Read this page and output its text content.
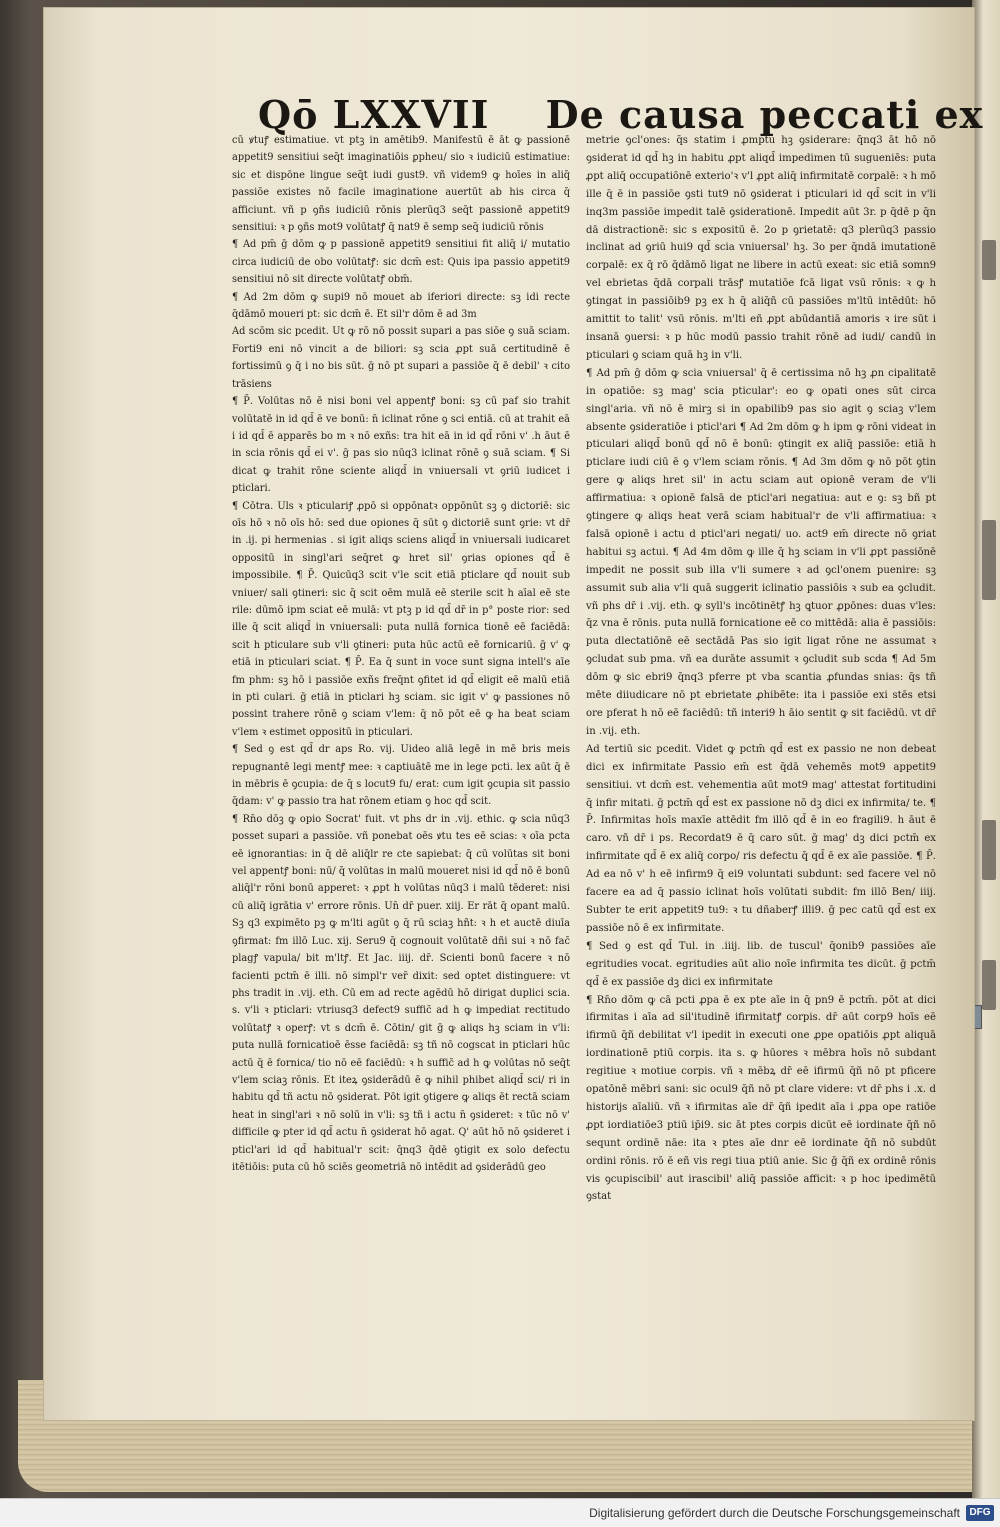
Qō LXXVII De causa peccati ex

cū ꝟtuꝭ estimatiue. vt ptꝫ in amētib9. Manifestū ē āt ꝙ passionē appetit9 sensitiui seq̄t imaginatiōis ꝑpheu/ sio ꝛ iudiciū estimatiue: sic et dispōne lingue seq̄t iudi gust9. vñ videm9 ꝙ hoīes in aliq̄ passiōe existes nō facile imaginatione auertūt ab his circa q̄ afficiunt. vñ p ꝯñs iudiciū rōnis plerūq3 seq̄t passionē appetit9 sensitiui: ꝛ p ꝯñs mot9 volūtatꝭ q̄ nat9 ē semp seq̄ iudiciū rōnis

¶ Ad pm̄ ḡ dōm ꝙ p passionē appetit9 sensitiui fit aliq̄ i/ mutatio circa iudiciū de obo volūtatꝭ: sic dcm̄ est: Quis ipa passio appetit9 sensitiui nō sit directe volūtatꝭ obm̄.

¶ Ad 2m dōm ꝙ supi9 nō mouet ab iferiori directe: sꝫ idi recte q̄dāmō moueri pt: sic dcm̄ ē. Et sil'r dōm ē ad 3m

Ad scōm sic pcedit. Ut ꝙ rō nō possit supari a pas siōe ꝯ suā sciam. Forti9 eni nō vincit a de biliori: sꝫ scia ꝓpt suā certitudinē ē fortissimū ꝯ q̄ i no bis sūt. ḡ nō pt supari a passiōe q̄ ē debil' ꝛ cito trāsiens

¶ P̄. Volūtas nō ē nisi boni vel appentꝭ boni: sꝫ cū paf sio trahit volūtatē in id qd̄ ē ve bonū: n̄ iclinat rōne ꝯ sci entiā. cū at trahit eā i id qd̄ ē apparēs bo m ꝛ nō exñs: tra hit eā in id qd̄ rōni v' .h āut ē in scia rōnis qd̄ ei v'. ḡ pas sio nūq3 iclinat rōnē ꝯ suā sciam. ¶ Si dicat ꝙ trahit rōne sciente aliqd̄ in vniuersali vt ꝯriū iudicet i pticlari.

¶ Cōtra. Uls ꝛ pticulariꝭ ꝓpō si oppōnatꝛ oppōnūt sꝫ ꝯ dictoriē: sic oīs hō ꝛ nō oīs hō: sed due opiones q̄ sūt ꝯ dictoriē sunt ꝯrie: vt dr̄ in .ij. pi hermenias . si igit aliqs sciens aliqd̄ in vniuersali iudicaret oppositū in singl'ari seq̄ret ꝙ hret sil' ꝯrias opiones qd̄ ē impossibile. ¶ P̄. Quicūq3 scit v'le scit etiā pticlare qd̄ nouit sub vniuer/ sali ꝯtineri: sic q̄ scit oēm mulā eē sterile scit h aīal eē ste rile: dūmō ipm sciat eē mulā: vt ptꝫ p id qd̄ dr̄ in p° poste rior: sed ille q̄ scit aliqd̄ in vniuersali: puta nullā fornica tionē eē faciēdā: scit h pticulare sub v'li ꝯtineri: puta hūc actū eē fornicariū. ḡ v' ꝙ etiā in pticulari sciat. ¶ P̄. Ea q̄ sunt in voce sunt signa intell's aīe fm phm: sꝫ hō i passiōe exñs freq̄nt ꝯfitet id qd̄ eligit eē malū etiā in pti culari. ḡ etiā in pticlari hꝫ sciam. sic igit v' ꝙ passiones nō possint trahere rōnē ꝯ sciam v'lem: q̄ nō pōt eē ꝙ ha beat sciam v'lem ꝛ estimet oppositū in pticulari.

¶ Sed ꝯ est qd̄ dr aps Ro. vij. Uideo aliā legē in mē bris meis repugnantē legi mentꝭ mee: ꝛ captiuātē me in lege pcti. lex aūt q̄ ē in mēbris ē ꝯcupia: de q̄ s locut9 fu/ erat: cum igit ꝯcupia sit passio q̄dam: v' ꝙ passio tra hat rōnem etiam ꝯ hoc qd̄ scit.

¶ Rn̄o dōꝫ ꝙ opio Socrat' fuit. vt phs dr in .vij. ethic. ꝙ scia nūq3 posset supari a passiōe. vñ ponebat oēs ꝟtu tes eē scias: ꝛ oīa pcta eē ignorantias: in q̄ dē aliq̄lr re cte sapiebat: q̄ cū volūtas sit boni vel appentꝭ boni: nū/ q̄ volūtas in malū moueret nisi id qd̄ nō ē bonū aliq̄l'r rōni bonū apperet: ꝛ ꝓpt h volūtas nūq3 i malū tēderet: nisi cū aliq̄ igrātia v' errore rōnis. Un̄ dr̄ puer. xiij. Er rāt q̄ opant malū. Sꝫ q3 expimēto pꝫ ꝙ m'lti agūt ꝯ q̄ rū sciaꝫ hñt: ꝛ h et auctē diuīa ꝯfirmat: fm illō Luc. xij. Seru9 q̄ cognouit volūtatē dñi sui ꝛ nō fac̄ plagꝭ vapula/ bit m'ltꝭ. Et Jac. iiij. dr̄. Scienti bonū facere ꝛ nō facienti pctm̄ ē illi. nō simpl'r ver̄ dixit: sed optet distinguere: vt phs tradit in .vij. eth. Cū em ad recte agēdū hō dirigat duplici scia. s. v'li ꝛ pticlari: vtriusq3 defect9 suffic̄ ad h ꝙ impediat rectitudo volūtatꝭ ꝛ operꝭ: vt s dcm̄ ē. Cōtin/ git ḡ ꝙ aliqs hꝫ sciam in v'li: puta nullā fornicatioē ēsse faciēdā: sꝫ tñ nō cogscat in pticlari hūc actū q̄ ē fornica/ tio nō eē faciēdū: ꝛ h suffic̄ ad h ꝙ volūtas nō seq̄t v'lem sciaꝫ rōnis. Et iteꝝ ꝯsiderādū ē ꝙ nihil phibet aliqd̄ sci/ ri in habitu qd̄ tñ actu nō ꝯsiderat. Pōt igit ꝯtigere ꝙ aliqs ēt rectā sciam heat in singl'ari ꝛ nō solū in v'li: sꝫ tñ i actu n̄ ꝯsideret: ꝛ tūc nō v' difficile ꝙ pter id qd̄ actu n̄ ꝯsiderat hō agat. Q' aūt hō nō ꝯsideret i pticl'ari id qd̄ habitual'r scit: q̄nq3 q̄dē ꝯtigit ex solo defectu itētiōis: puta cū hō sciēs geometriā nō intēdit ad ꝯsiderādū geo

metrie ꝯcl'ones: q̄s statim i ꝓmptu hꝫ ꝯsiderare: q̄nq3 āt hō nō ꝯsiderat id qd̄ hꝫ in habitu ꝓpt aliqd̄ impedimen tū sugueniēs: puta ꝓpt aliq̄ occupatiōnē exterio'ꝛ v'l ꝓpt aliq̄ infirmitatē corpalē: ꝛ h mō ille q̄ ē in passiōe ꝯsti tut9 nō ꝯsiderat i pticulari id qd̄ scit in v'li inq3m passiōe impedit talē ꝯsiderationē. Impedit aūt 3r. p q̄dē p q̄n dā distractionē: sic s expositū ē. 2o p ꝯrietatē: q3 plerūq3 passio inclinat ad ꝯriū hui9 qd̄ scia vniuersal' hꝫ. 3o per q̄ndā imutationē corpalē: ex q̄ rō q̄dāmō ligat ne libere in actū exeat: sic etiā somn9 vel ebrietas q̄dā corpali trāsꝭ mutatiōe fcā ligat vsū rōnis: ꝛ ꝙ h ꝯtingat in passiōib9 pꝫ ex h q̄ aliq̄ñ cū passiōes m'ltū intēdūt: hō amittit to talit' vsū rōnis. m'lti eñ ꝓpt abūdantiā amoris ꝛ ire sūt i insanā ꝯuersi: ꝛ p hūc modū passio trahit rōnē ad iudi/ candū in pticulari ꝯ sciam quā hꝫ in v'li.

¶ Ad pm̄ ḡ dōm ꝙ scia vniuersal' q̄ ē certissima nō hꝫ ꝓn cipalitatē in opatiōe: sꝫ mag' scia pticular': eo ꝙ opati ones sūt circa singl'aria. vñ nō ē mirꝫ si in opabilib9 pas sio agit ꝯ sciaꝫ v'lem absente ꝯsideratiōe i pticl'ari ¶ Ad 2m dōm ꝙ h ipm ꝙ rōni videat in pticulari aliqd̄ bonū qd̄ nō ē bonū: ꝯtingit ex aliq̄ passiōe: etiā h pticlare iudi ciū ē ꝯ v'lem sciam rōnis. ¶ Ad 3m dōm ꝙ nō pōt ꝯtin gere ꝙ aliqs hret sil' in actu sciam aut opionē veram de v'li affirmatiua: ꝛ opionē falsā de pticl'ari negatiua: aut e ꝯ: sꝫ bñ pt ꝯtingere ꝙ aliqs heat verā sciam habitual'r de v'li affirmatiua: ꝛ falsā opionē i actu d pticl'ari negati/ uo. act9 em̄ directe nō ꝯriat habitui sꝫ actui. ¶ Ad 4m dōm ꝙ ille q̄ hꝫ sciam in v'li ꝓpt passiōnē impedit ne possit sub illa v'li sumere ꝛ ad ꝯcl'onem puenire: sꝫ assumit sub alia v'li quā suggerit iclinatio passiōis ꝛ sub ea ꝯcludit. vñ phs dr̄ i .vij. eth. ꝙ syll's incōtinētꝭ hꝫ ꝗtuor ꝓpōnes: duas v'les: q̄z vna ē rōnis. puta nullā fornicatione eē co mittēdā: alia ē passiōis: puta dlectatiōnē eē sectādā Pas sio igit ligat rōne ne assumat ꝛ ꝯcludat sub pma. vñ ea durāte assumit ꝛ ꝯcludit sub scda ¶ Ad 5m dōm ꝙ sic ebri9 q̄nq3 pferre pt vba scantia ꝓfundas snias: q̄s tñ mēte diiudicare nō pt ebrietate ꝓhibēte: ita i passiōe exi stēs etsi ore pferat h nō eē faciēdū: tñ interi9 h āio sentit ꝙ sit faciēdū. vt dr̄ in .vij. eth.

Ad tertiū sic pcedit. Videt ꝙ pctm̄ qd̄ est ex passio ne non debeat dici ex infirmitate Passio em̄ est q̄dā vehemēs mot9 appetit9 sensitiui. vt dcm̄ est. vehementia aūt mot9 mag' attestat fortitudini q̄ infir mitati. ḡ pctm̄ qd̄ est ex passione nō dꝫ dici ex infirmita/ te. ¶ P̄. Infirmitas hoīs maxīe attēdit fm illō qd̄ ē in eo fragili9. h āut ē caro. vñ dr̄ i ps. Recordat9 ē q̄ caro sūt. ḡ mag' dꝫ dici pctm̄ ex infirmitate qd̄ ē ex aliq̄ corpo/ ris defectu q̄ qd̄ ē ex aīe passiōe. ¶ P̄. Ad ea nō v' h eē infirm9 q̄ ei9 voluntati subdunt: sed facere vel nō facere ea ad q̄ passio iclinat hoīs volūtati subdit: fm illō Ben/ iiij. Subter te erit appetit9 tu9: ꝛ tu dñaberꝭ illi9. ḡ pec catū qd̄ est ex passiōe nō ē ex infirmitate.

¶ Sed ꝯ est qd̄ Tul. in .iiij. lib. de tuscul' q̄onib9 passiōes aīe egritudies vocat. egritudies aūt alio noīe infirmita tes dicūt. ḡ pctm̄ qd̄ ē ex passiōe dꝫ dici ex infirmitate

¶ Rn̄o dōm ꝙ cā pcti ꝓpa ē ex pte aīe in q̄ pn9 ē pctm̄. pōt at dici ifirmitas i aīa ad sil'itudinē ifirmitatꝭ corpis. dr̄ aūt corp9 hoīs eē ifirmū q̄ñ debilitat v'l ipedit in executi one ꝓpe opatiōis ꝓpt aliquā iordinationē ptiū corpis. ita s. ꝙ hūores ꝛ mēbra hoīs nō subdant regitiue ꝛ motiue corpis. vñ ꝛ mēbꝝ dr̄ eē ifirmū q̄ñ nō pt pficere opatōnē mēbri sani: sic ocul9 q̄ñ nō pt clare videre: vt dr̄ phs i .x. d historijs aīaliū. vñ ꝛ ifirmitas aīe dr̄ q̄ñ ipedit aīa i ꝓpa ope ratiōe ꝓpt iordiatiōe3 ptiū ip̄i9. sic āt ptes corpis dicūt eē iordinate q̄ñ nō sequnt ordinē nāe: ita ꝛ ptes aīe dnr eē iordinate q̄ñ nō subdūt ordini rōnis. rō ē eñ vis regi tiua ptiū anie. Sic ḡ q̄ñ ex ordinē rōnis vis ꝯcupiscibil' aut irascibil' aliq̄ passiōe afficit: ꝛ p hoc ipedimētū ꝯstat

Digitalisierung gefördert durch die Deutsche Forschungsgemeinschaft DFG
